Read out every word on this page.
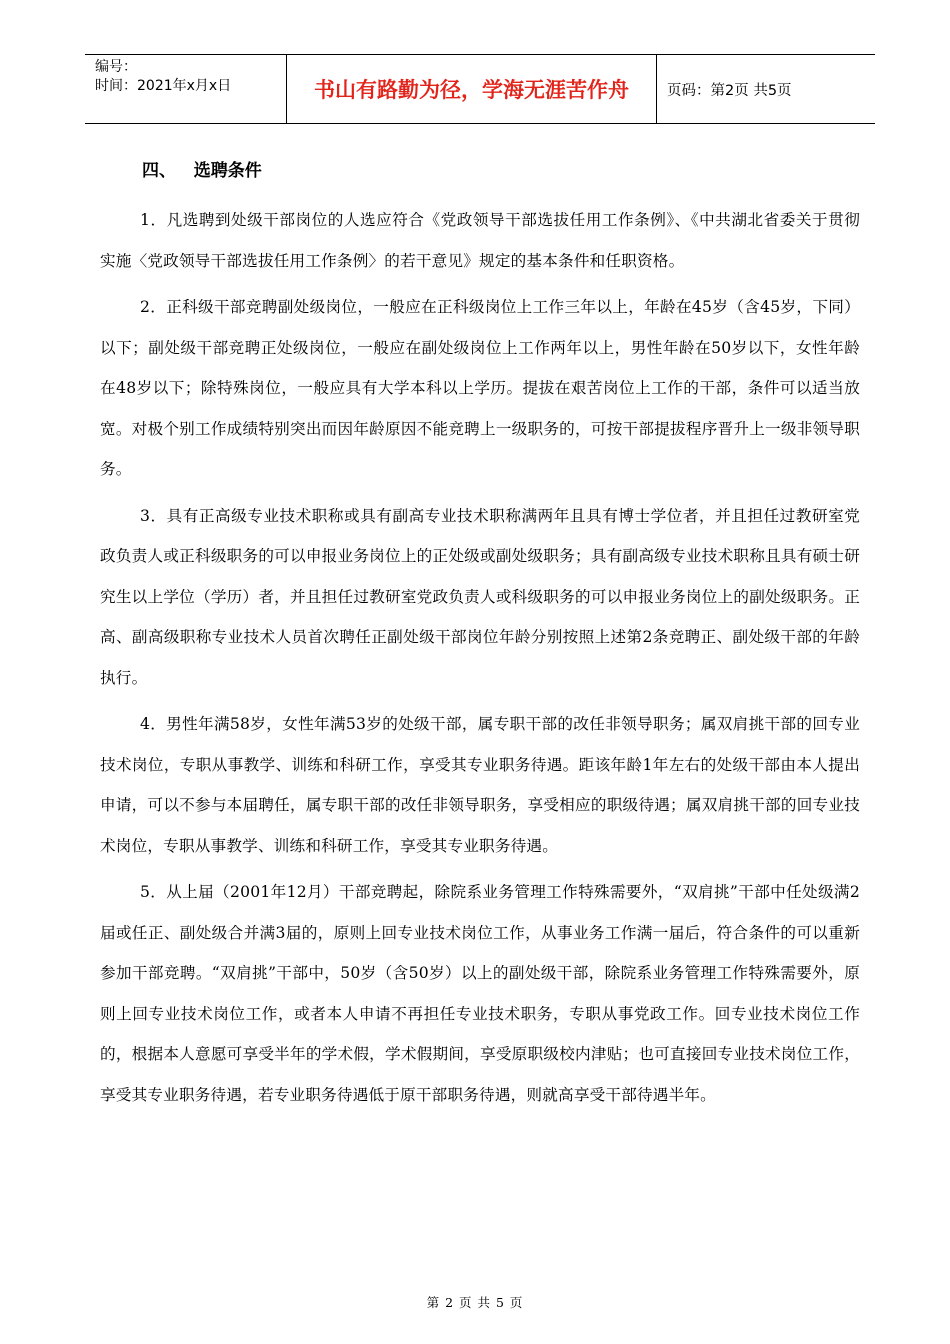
编号：
时间：2021年x月x日	书山有路勤为径，学海无涯苦作舟	页码：第2页 共5页
四、   选聘条件

1．凡选聘到处级干部岗位的人选应符合《党政领导干部选拔任用工作条例》、《中共湖北省委关于贯彻实施〈党政领导干部选拔任用工作条例〉的若干意见》规定的基本条件和任职资格。

2．正科级干部竞聘副处级岗位，一般应在正科级岗位上工作三年以上，年龄在45岁（含45岁，下同）以下；副处级干部竞聘正处级岗位，一般应在副处级岗位上工作两年以上，男性年龄在50岁以下，女性年龄在48岁以下；除特殊岗位，一般应具有大学本科以上学历。提拔在艰苦岗位上工作的干部，条件可以适当放宽。对极个别工作成绩特别突出而因年龄原因不能竞聘上一级职务的，可按干部提拔程序晋升上一级非领导职务。

3．具有正高级专业技术职称或具有副高专业技术职称满两年且具有博士学位者，并且担任过教研室党政负责人或正科级职务的可以申报业务岗位上的正处级或副处级职务；具有副高级专业技术职称且具有硕士研究生以上学位（学历）者，并且担任过教研室党政负责人或科级职务的可以申报业务岗位上的副处级职务。正高、副高级职称专业技术人员首次聘任正副处级干部岗位年龄分别按照上述第2条竞聘正、副处级干部的年龄执行。

4．男性年满58岁，女性年满53岁的处级干部，属专职干部的改任非领导职务；属双肩挑干部的回专业技术岗位，专职从事教学、训练和科研工作，享受其专业职务待遇。距该年龄1年左右的处级干部由本人提出申请，可以不参与本届聘任，属专职干部的改任非领导职务，享受相应的职级待遇；属双肩挑干部的回专业技术岗位，专职从事教学、训练和科研工作，享受其专业职务待遇。

5．从上届（2001年12月）干部竞聘起，除院系业务管理工作特殊需要外，“双肩挑”干部中任处级满2届或任正、副处级合并满3届的，原则上回专业技术岗位工作，从事业务工作满一届后，符合条件的可以重新参加干部竞聘。“双肩挑”干部中，50岁（含50岁）以上的副处级干部，除院系业务管理工作特殊需要外，原则上回专业技术岗位工作，或者本人申请不再担任专业技术职务，专职从事党政工作。回专业技术岗位工作的，根据本人意愿可享受半年的学术假，学术假期间，享受原职级校内津贴；也可直接回专业技术岗位工作，享受其专业职务待遇，若专业职务待遇低于原干部职务待遇，则就高享受干部待遇半年。

第 2 页 共 5 页
